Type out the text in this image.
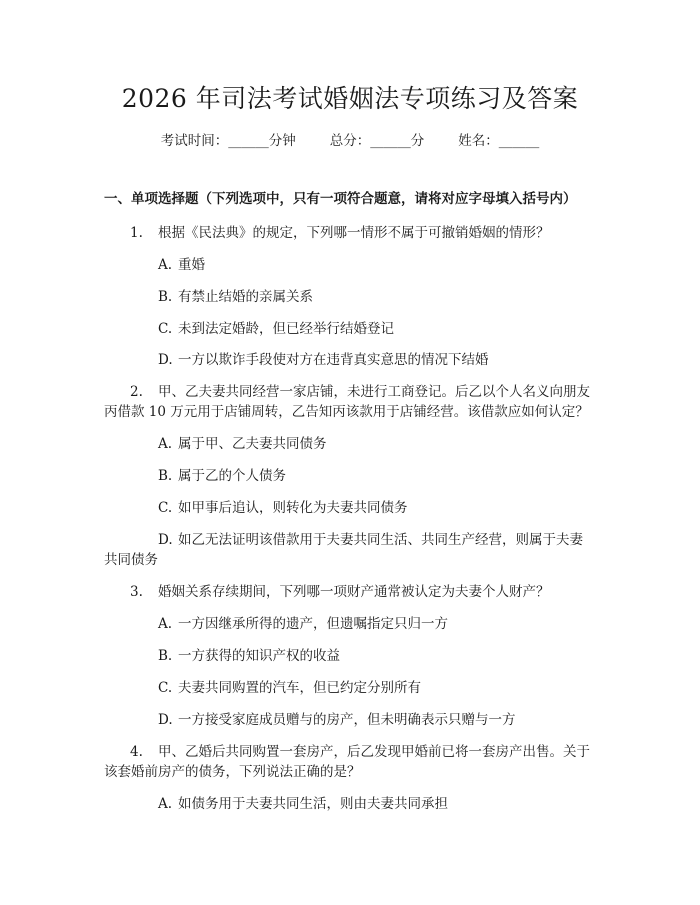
2026 年司法考试婚姻法专项练习及答案
考试时间：______分钟	总分：______分	姓名：______
一、单项选择题（下列选项中，只有一项符合题意，请将对应字母填入括号内）
1. 根据《民法典》的规定，下列哪一情形不属于可撤销婚姻的情形？
A. 重婚
B. 有禁止结婚的亲属关系
C. 未到法定婚龄，但已经举行结婚登记
D. 一方以欺诈手段使对方在违背真实意思的情况下结婚
2. 甲、乙夫妻共同经营一家店铺，未进行工商登记。后乙以个人名义向朋友
丙借款 10 万元用于店铺周转，乙告知丙该款用于店铺经营。该借款应如何认定？
A. 属于甲、乙夫妻共同债务
B. 属于乙的个人债务
C. 如甲事后追认，则转化为夫妻共同债务
D. 如乙无法证明该借款用于夫妻共同生活、共同生产经营，则属于夫妻
共同债务
3. 婚姻关系存续期间，下列哪一项财产通常被认定为夫妻个人财产？
A. 一方因继承所得的遗产，但遗嘱指定只归一方
B. 一方获得的知识产权的收益
C. 夫妻共同购置的汽车，但已约定分别所有
D. 一方接受家庭成员赠与的房产，但未明确表示只赠与一方
4. 甲、乙婚后共同购置一套房产，后乙发现甲婚前已将一套房产出售。关于
该套婚前房产的债务，下列说法正确的是？
A. 如债务用于夫妻共同生活，则由夫妻共同承担
